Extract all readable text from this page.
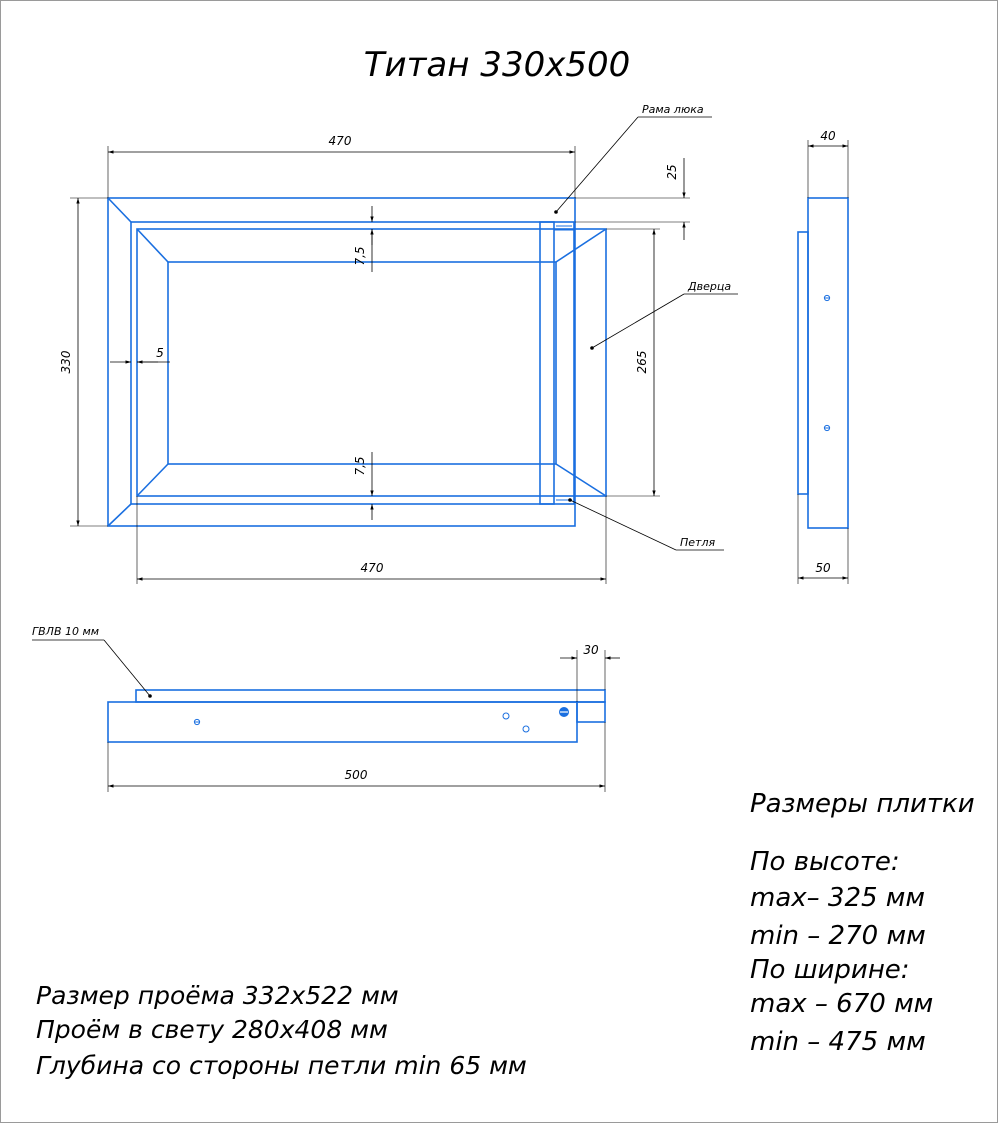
Титан 330x500
470
330	5
7,5
7,5
470
265
25
Рама люка
Дверца
Петля
40
50
ГВЛВ 10 мм
30
500
Размеры плитки
По высоте:
max– 325 мм
min – 270 мм
По ширине:
max – 670 мм
min – 475 мм
Размер проёма 332х522 мм
Проём в свету 280х408 мм
Глубина со стороны петли min 65 мм
